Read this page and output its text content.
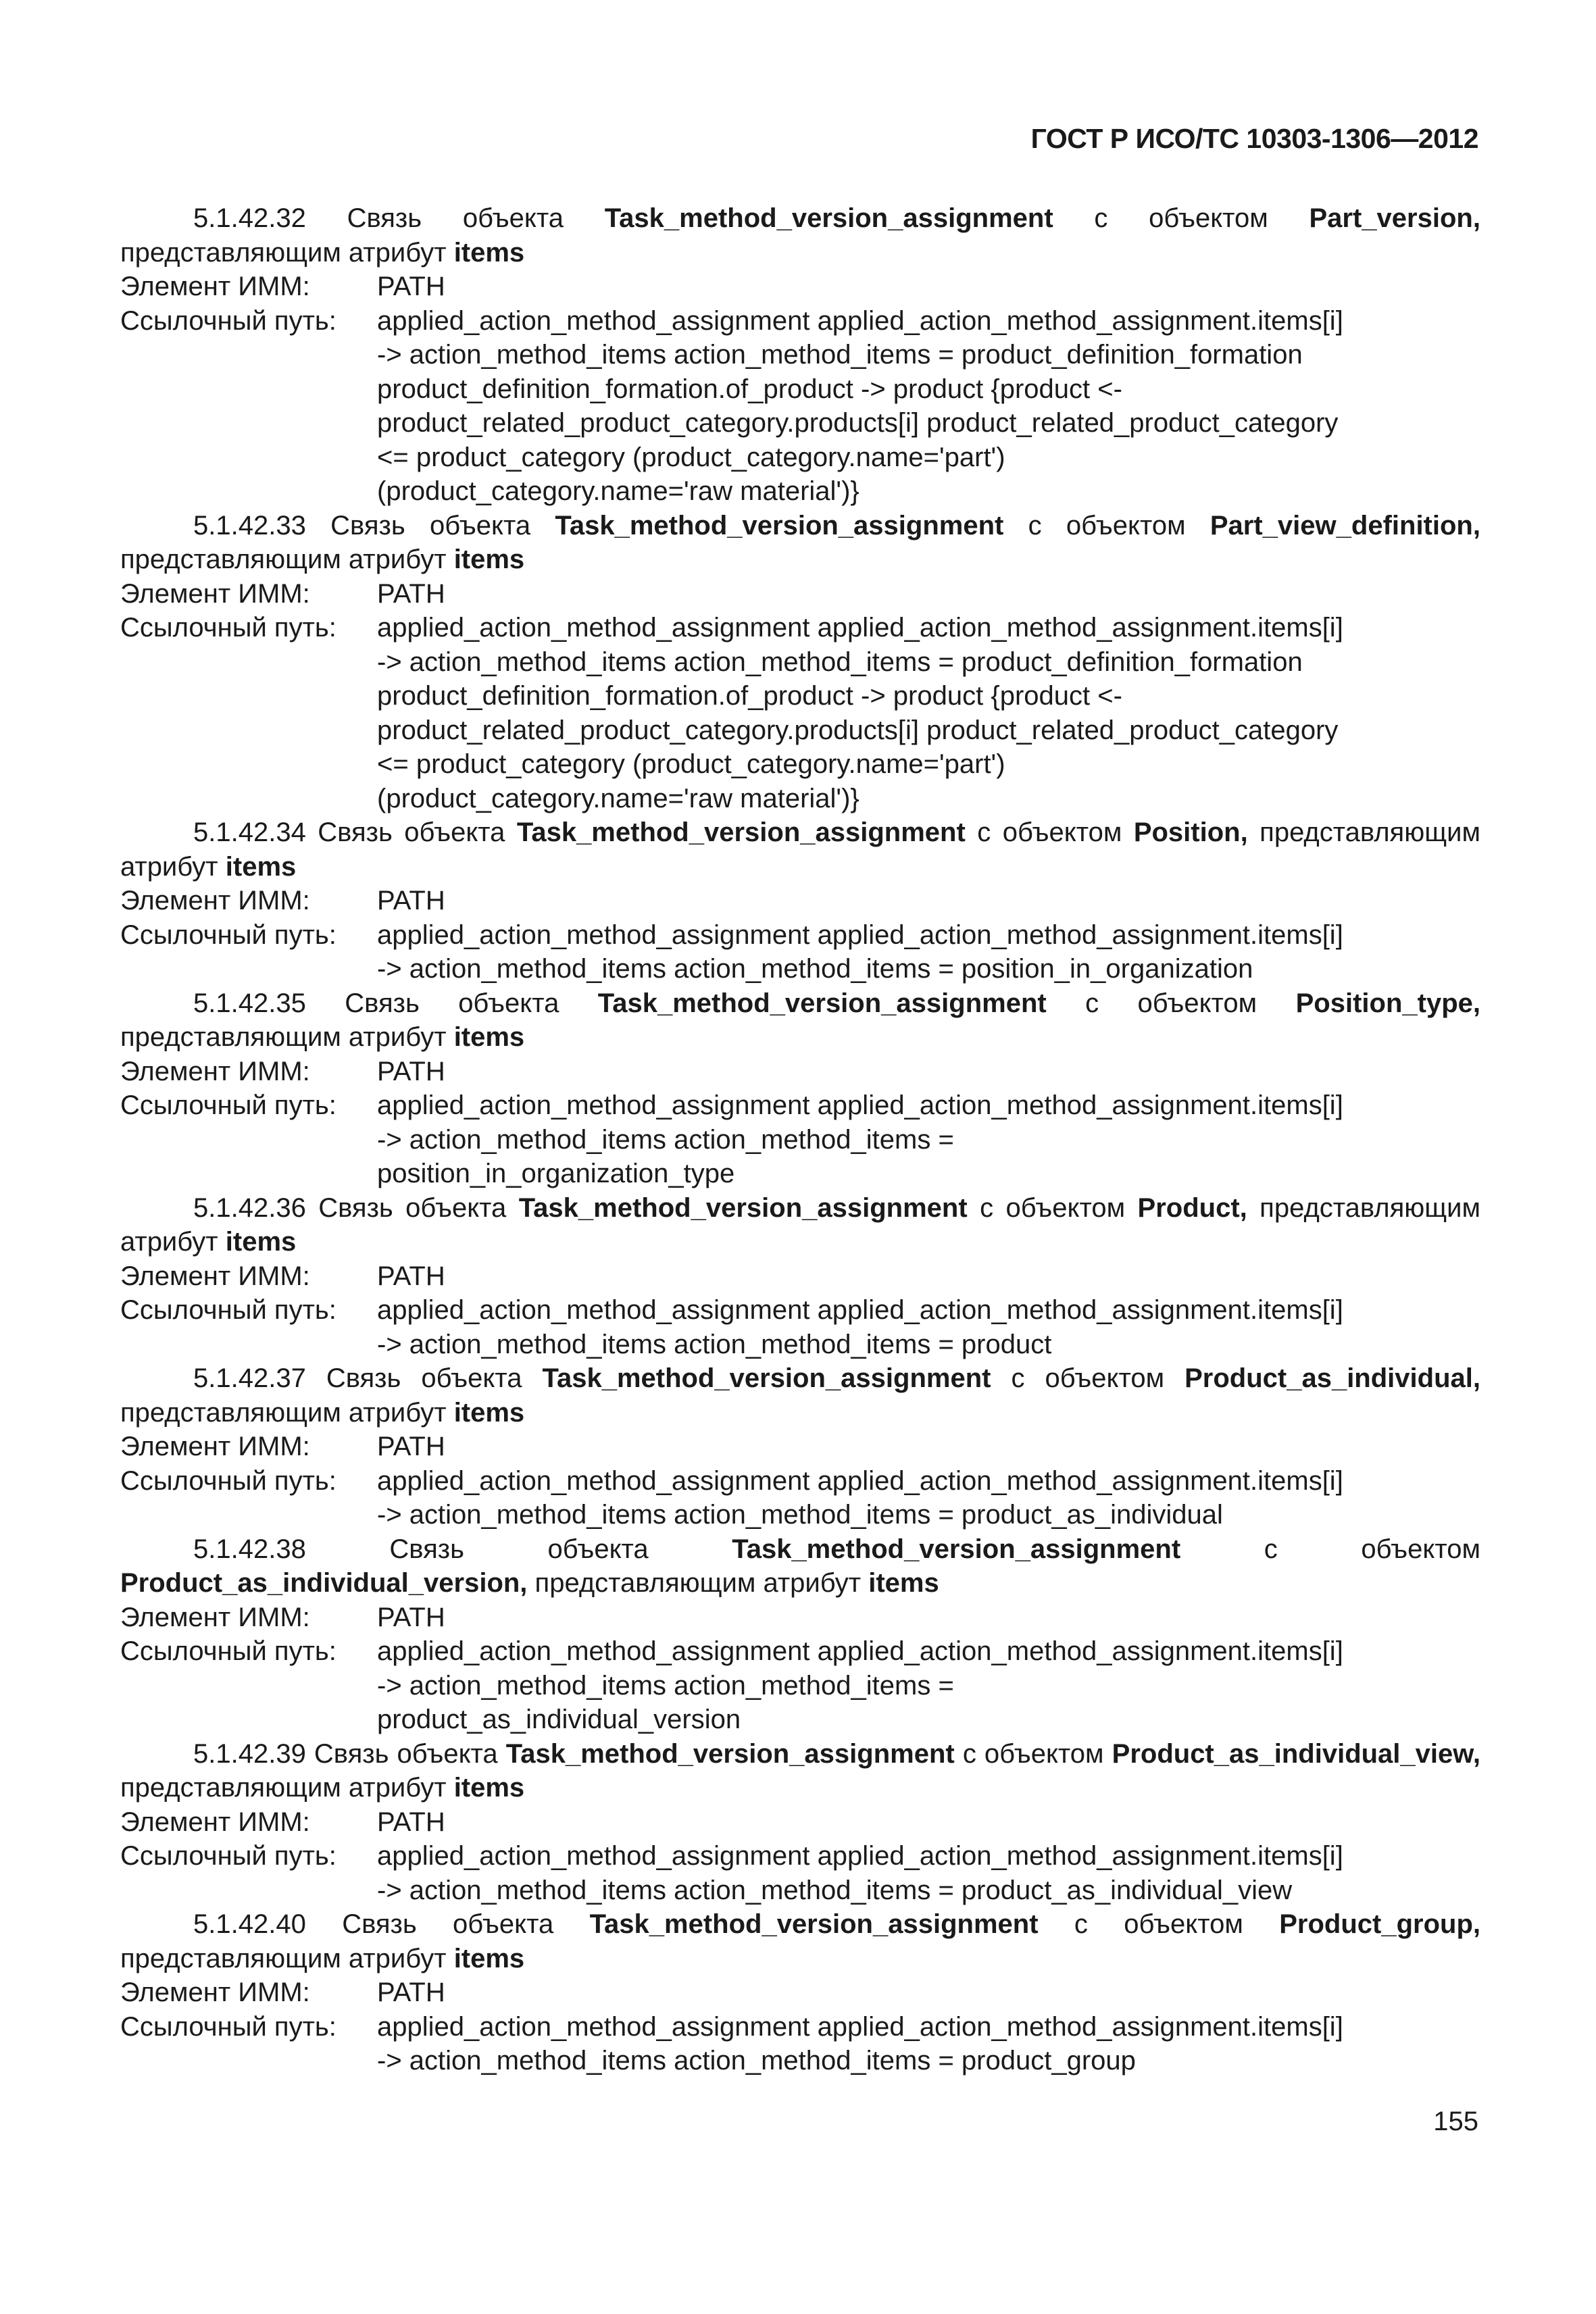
ГОСТ Р ИСО/ТС 10303-1306—2012

5.1.42.32 Связь объекта Task_method_version_assignment с объектом Part_version, представляющим атрибут items

Элемент ИММ:	PATH
Ссылочный путь:	applied_action_method_assignment applied_action_method_assignment.items[i]
-> action_method_items action_method_items = product_definition_formation
product_definition_formation.of_product -> product {product <-
product_related_product_category.products[i] product_related_product_category
<= product_category (product_category.name='part')
(product_category.name='raw material')}

5.1.42.33 Связь объекта Task_method_version_assignment с объектом Part_view_definition, представляющим атрибут items

Элемент ИММ:	PATH
Ссылочный путь:	applied_action_method_assignment applied_action_method_assignment.items[i]
-> action_method_items action_method_items = product_definition_formation
product_definition_formation.of_product -> product {product <-
product_related_product_category.products[i] product_related_product_category
<= product_category (product_category.name='part')
(product_category.name='raw material')}

5.1.42.34 Связь объекта Task_method_version_assignment с объектом Position, представляющим атрибут items

Элемент ИММ:	PATH
Ссылочный путь:	applied_action_method_assignment applied_action_method_assignment.items[i]
-> action_method_items action_method_items = position_in_organization

5.1.42.35 Связь объекта Task_method_version_assignment с объектом Position_type, представляющим атрибут items

Элемент ИММ:	PATH
Ссылочный путь:	applied_action_method_assignment applied_action_method_assignment.items[i]
-> action_method_items action_method_items =
position_in_organization_type

5.1.42.36 Связь объекта Task_method_version_assignment с объектом Product, представляющим атрибут items

Элемент ИММ:	PATH
Ссылочный путь:	applied_action_method_assignment applied_action_method_assignment.items[i]
-> action_method_items action_method_items = product

5.1.42.37 Связь объекта Task_method_version_assignment с объектом Product_as_individual, представляющим атрибут items

Элемент ИММ:	PATH
Ссылочный путь:	applied_action_method_assignment applied_action_method_assignment.items[i]
-> action_method_items action_method_items = product_as_individual

5.1.42.38	Связь объекта	Task_method_version_assignment	с объектом Product_as_individual_version, представляющим атрибут items

Элемент ИММ:	PATH
Ссылочный путь:	applied_action_method_assignment applied_action_method_assignment.items[i]
-> action_method_items action_method_items =
product_as_individual_version

5.1.42.39 Связь объекта Task_method_version_assignment с объектом Product_as_individual_view, представляющим атрибут items

Элемент ИММ:	PATH
Ссылочный путь:	applied_action_method_assignment applied_action_method_assignment.items[i]
-> action_method_items action_method_items = product_as_individual_view

5.1.42.40 Связь объекта Task_method_version_assignment с объектом Product_group, представляющим атрибут items

Элемент ИММ:	PATH
Ссылочный путь:	applied_action_method_assignment applied_action_method_assignment.items[i]
-> action_method_items action_method_items = product_group
155
